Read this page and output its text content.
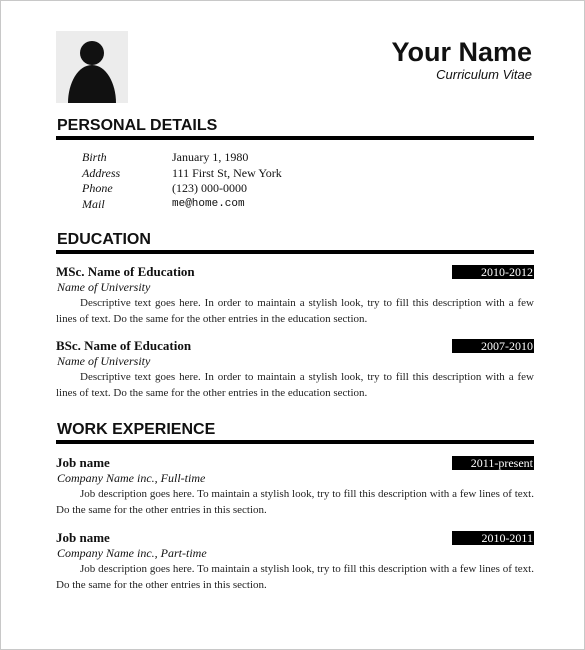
Your Name
Curriculum Vitae
PERSONAL DETAILS
Birth	January 1, 1980
Address	111 First St, New York
Phone	(123) 000-0000
Mail	me@home.com
EDUCATION
MSc. Name of Education	2010-2012
Name of University
Descriptive text goes here. In order to maintain a stylish look, try to fill this description with a few lines of text. Do the same for the other entries in the education section.
BSc. Name of Education	2007-2010
Name of University
Descriptive text goes here. In order to maintain a stylish look, try to fill this description with a few lines of text. Do the same for the other entries in the education section.
WORK EXPERIENCE
Job name	2011-present
Company Name inc., Full-time
Job description goes here. To maintain a stylish look, try to fill this description with a few lines of text. Do the same for the other entries in this section.
Job name	2010-2011
Company Name inc., Part-time
Job description goes here. To maintain a stylish look, try to fill this description with a few lines of text. Do the same for the other entries in this section.
